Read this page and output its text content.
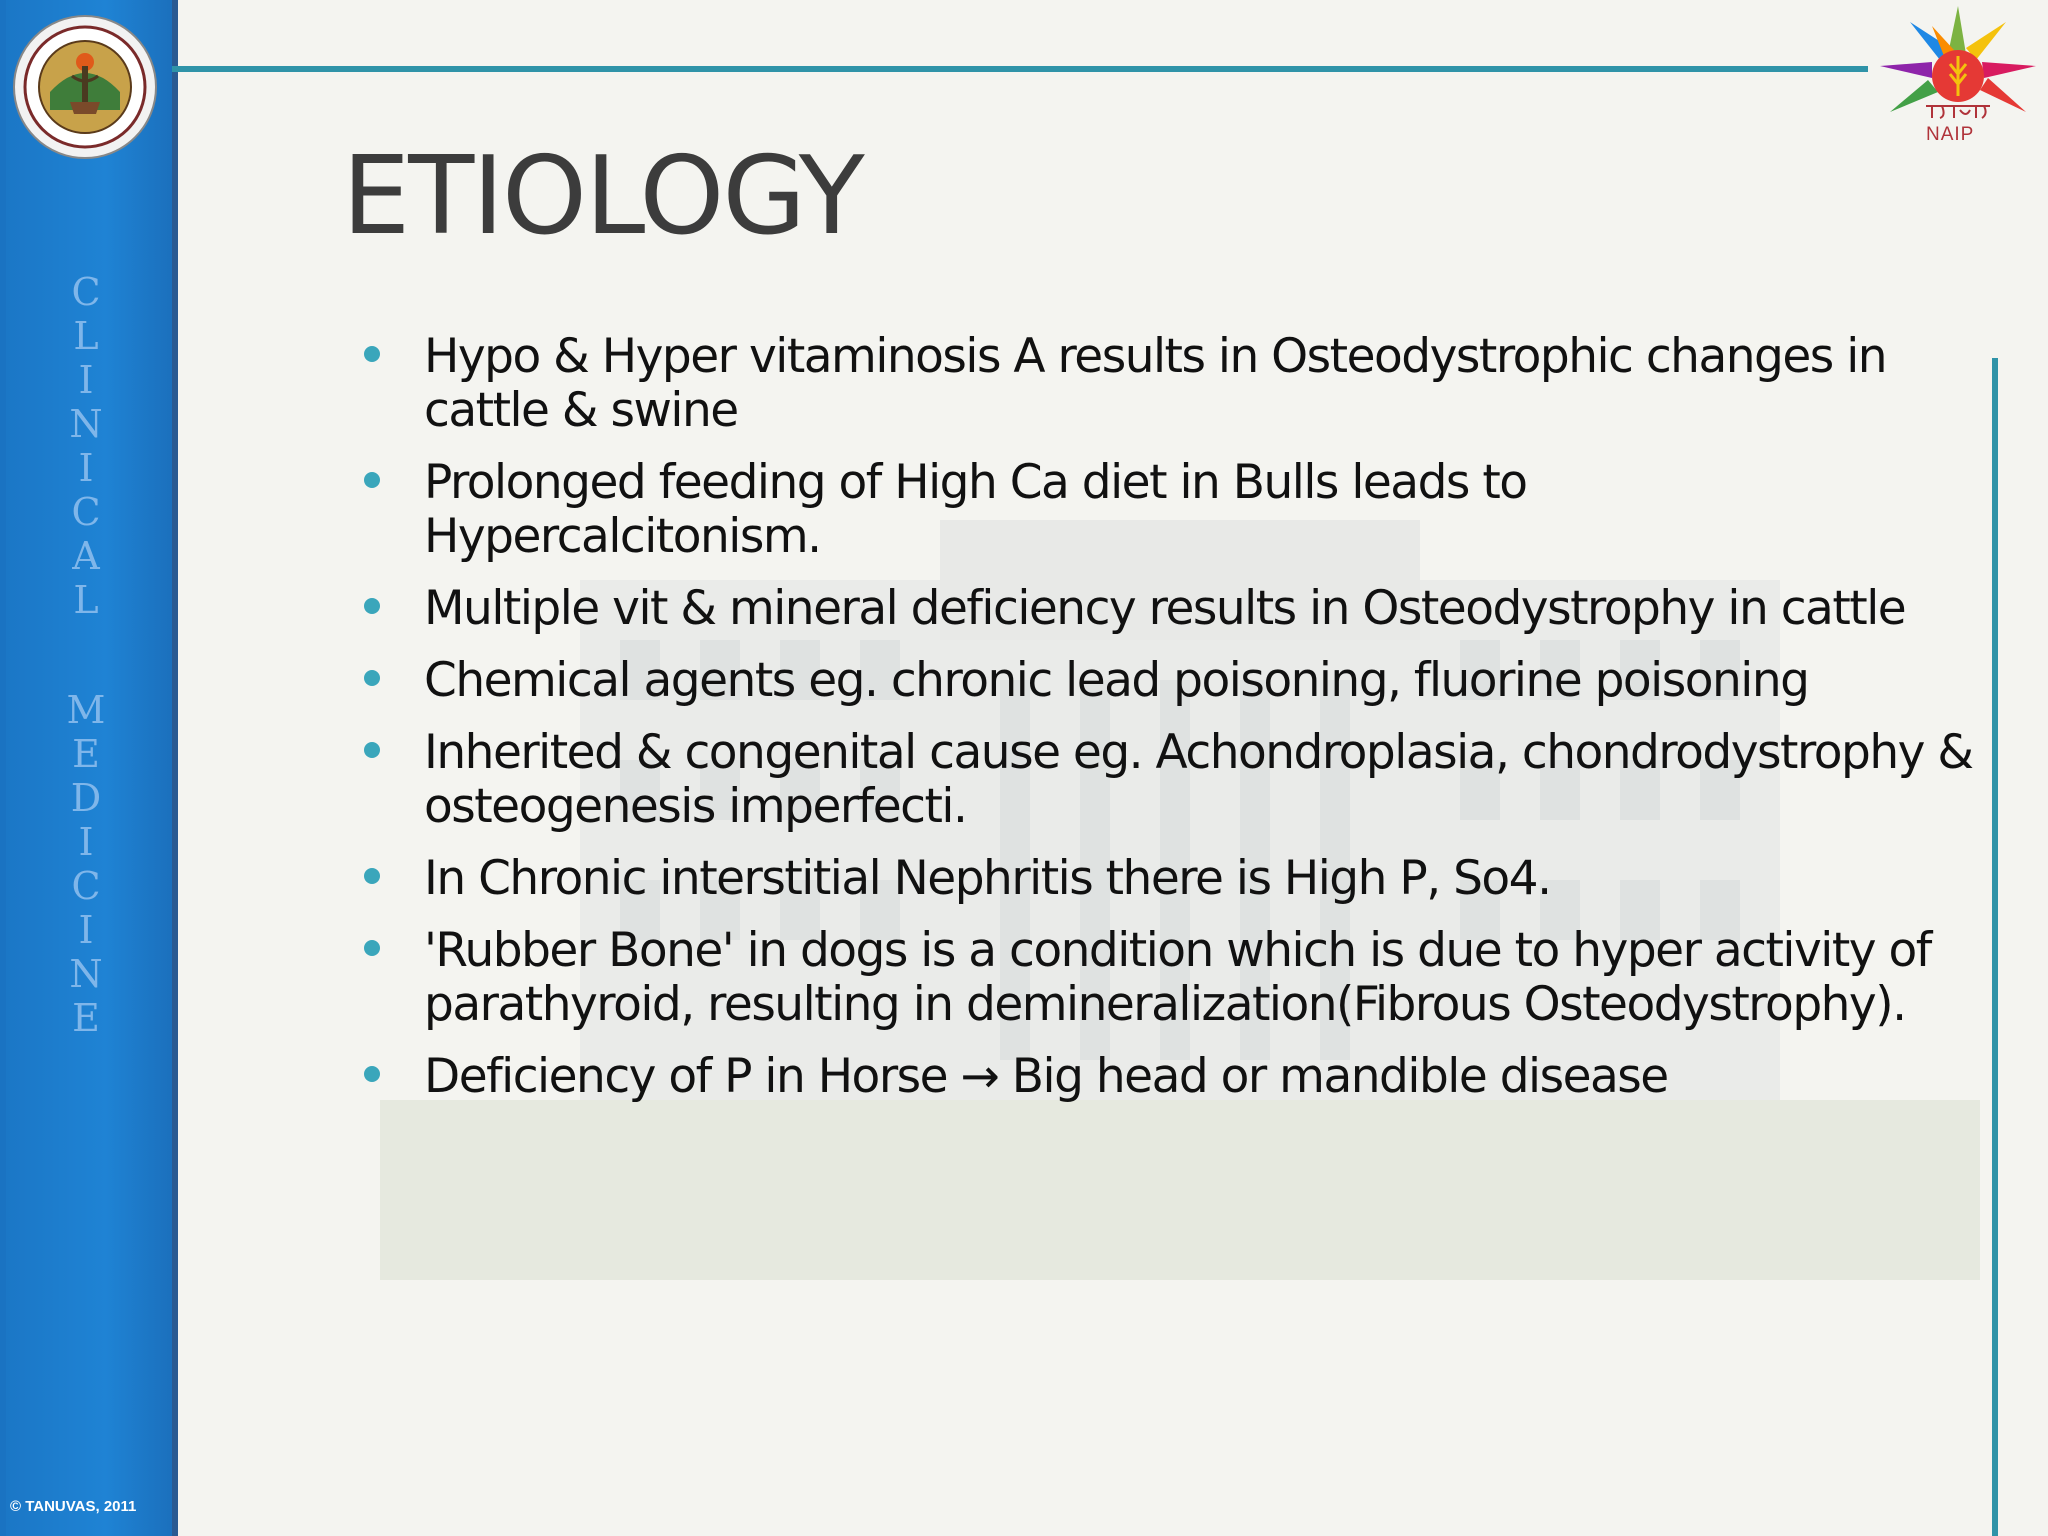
C
L
I
N
I
C
A
L
M
E
D
I
C
I
N
E
© TANUVAS, 2011
NAIP
ETIOLOGY
Hypo & Hyper vitaminosis A results in Osteodystrophic changes in cattle & swine
Prolonged feeding of High Ca diet in Bulls leads to Hypercalcitonism.
Multiple vit & mineral deficiency results in Osteodystrophy in cattle
Chemical agents eg. chronic lead poisoning, fluorine poisoning
Inherited & congenital cause eg. Achondroplasia, chondrodystrophy & osteogenesis imperfecti.
In Chronic interstitial Nephritis there is High P, So4.
'Rubber Bone' in dogs is a condition which is due to hyper activity of parathyroid, resulting in demineralization(Fibrous Osteodystrophy).
Deficiency of P in Horse → Big head or mandible disease
